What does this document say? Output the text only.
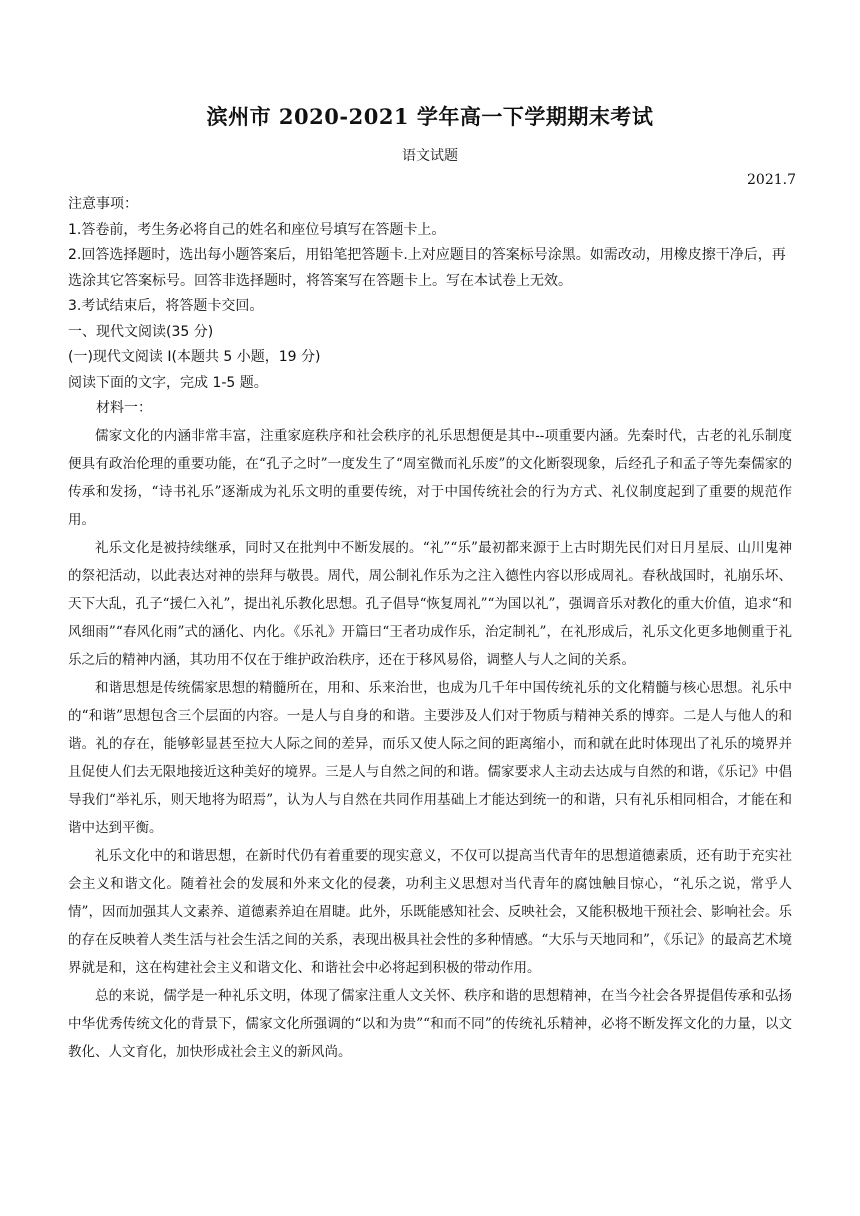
滨州市 2020-2021 学年高一下学期期末考试
语文试题
2021.7

注意事项：

1.答卷前，考生务必将自己的姓名和座位号填写在答题卡上。

2.回答选择题时，选出每小题答案后，用铅笔把答题卡.上对应题目的答案标号涂黑。如需改动，用橡皮擦干净后，再选涂其它答案标号。回答非选择题时，将答案写在答题卡上。写在本试卷上无效。

3.考试结束后，将答题卡交回。

一、现代文阅读(35 分)

(一)现代文阅读 I(本题共 5 小题，19 分)

阅读下面的文字，完成 1-5 题。

材料一：

儒家文化的内涵非常丰富，注重家庭秩序和社会秩序的礼乐思想便是其中--项重要内涵。先秦时代，古老的礼乐制度便具有政治伦理的重要功能，在“孔子之时”一度发生了“周室微而礼乐废”的文化断裂现象，后经孔子和孟子等先秦儒家的传承和发扬，“诗书礼乐”逐渐成为礼乐文明的重要传统，对于中国传统社会的行为方式、礼仪制度起到了重要的规范作用。

礼乐文化是被持续继承，同时又在批判中不断发展的。“礼”“乐”最初都来源于上古时期先民们对日月星辰、山川鬼神的祭祀活动，以此表达对神的崇拜与敬畏。周代，周公制礼作乐为之注入德性内容以形成周礼。春秋战国时，礼崩乐坏、天下大乱，孔子“援仁入礼”，提出礼乐教化思想。孔子倡导“恢复周礼”“为国以礼”，强调音乐对教化的重大价值，追求“和风细雨”“春风化雨”式的涵化、内化。《乐礼》开篇曰“王者功成作乐，治定制礼”，在礼形成后，礼乐文化更多地侧重于礼乐之后的精神内涵，其功用不仅在于维护政治秩序，还在于移风易俗，调整人与人之间的关系。

和谐思想是传统儒家思想的精髓所在，用和、乐来治世，也成为几千年中国传统礼乐的文化精髓与核心思想。礼乐中的“和谐”思想包含三个层面的内容。一是人与自身的和谐。主要涉及人们对于物质与精神关系的博弈。二是人与他人的和谐。礼的存在，能够彰显甚至拉大人际之间的差异，而乐又使人际之间的距离缩小，而和就在此时体现出了礼乐的境界并且促使人们去无限地接近这种美好的境界。三是人与自然之间的和谐。儒家要求人主动去达成与自然的和谐，《乐记》中倡导我们“举礼乐，则天地将为昭焉”，认为人与自然在共同作用基础上才能达到统一的和谐，只有礼乐相同相合，才能在和谐中达到平衡。

礼乐文化中的和谐思想，在新时代仍有着重要的现实意义，不仅可以提高当代青年的思想道德素质，还有助于充实社会主义和谐文化。随着社会的发展和外来文化的侵袭，功利主义思想对当代青年的腐蚀触目惊心，“礼乐之说，常乎人情”，因而加强其人文素养、道德素养迫在眉睫。此外，乐既能感知社会、反映社会，又能积极地干预社会、影响社会。乐的存在反映着人类生活与社会生活之间的关系，表现出极具社会性的多种情感。“大乐与天地同和”，《乐记》的最高艺术境界就是和，这在构建社会主义和谐文化、和谐社会中必将起到积极的带动作用。

总的来说，儒学是一种礼乐文明，体现了儒家注重人文关怀、秩序和谐的思想精神，在当今社会各界提倡传承和弘扬中华优秀传统文化的背景下，儒家文化所强调的“以和为贵”“和而不同”的传统礼乐精神，必将不断发挥文化的力量，以文教化、人文育化，加快形成社会主义的新风尚。
